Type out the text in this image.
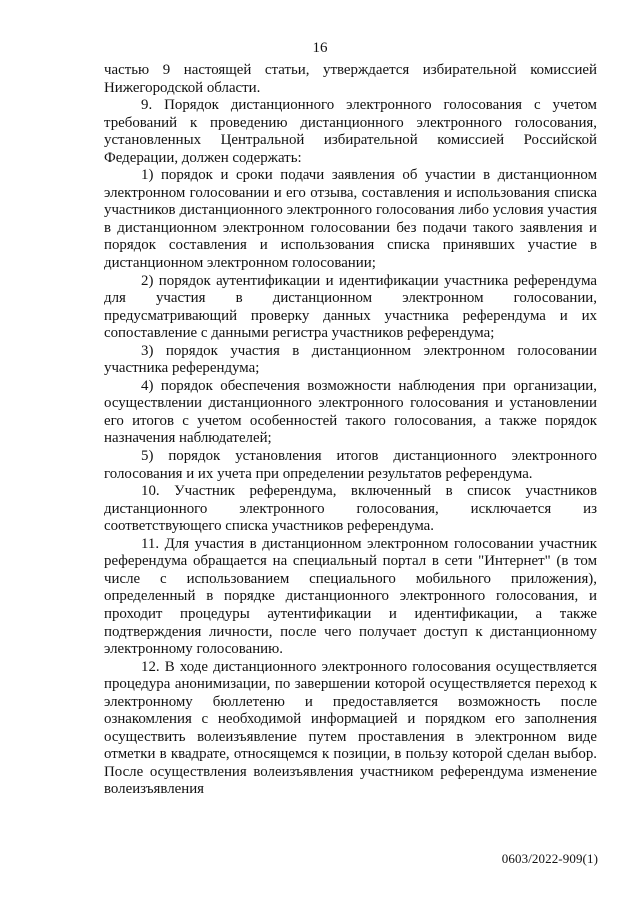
16

частью 9 настоящей статьи, утверждается избирательной комиссией Нижегородской области.

9. Порядок дистанционного электронного голосования с учетом требований к проведению дистанционного электронного голосования, установленных Центральной избирательной комиссией Российской Федерации, должен содержать:

1) порядок и сроки подачи заявления об участии в дистанционном электронном голосовании и его отзыва, составления и использования списка участников дистанционного электронного голосования либо условия участия в дистанционном электронном голосовании без подачи такого заявления и порядок составления и использования списка принявших участие в дистанционном электронном голосовании;

2) порядок аутентификации и идентификации участника референдума для участия в дистанционном электронном голосовании, предусматривающий проверку данных участника референдума и их сопоставление с данными регистра участников референдума;

3) порядок участия в дистанционном электронном голосовании участника референдума;

4) порядок обеспечения возможности наблюдения при организации, осуществлении дистанционного электронного голосования и установлении его итогов с учетом особенностей такого голосования, а также порядок назначения наблюдателей;

5) порядок установления итогов дистанционного электронного голосования и их учета при определении результатов референдума.

10. Участник референдума, включенный в список участников дистанционного электронного голосования, исключается из соответствующего списка участников референдума.

11. Для участия в дистанционном электронном голосовании участник референдума обращается на специальный портал в сети "Интернет" (в том числе с использованием специального мобильного приложения), определенный в порядке дистанционного электронного голосования, и проходит процедуры аутентификации и идентификации, а также подтверждения личности, после чего получает доступ к дистанционному электронному голосованию.

12. В ходе дистанционного электронного голосования осуществляется процедура анонимизации, по завершении которой осуществляется переход к электронному бюллетеню и предоставляется возможность после ознакомления с необходимой информацией и порядком его заполнения осуществить волеизъявление путем проставления в электронном виде отметки в квадрате, относящемся к позиции, в пользу которой сделан выбор. После осуществления волеизъявления участником референдума изменение волеизъявления

0603/2022-909(1)
